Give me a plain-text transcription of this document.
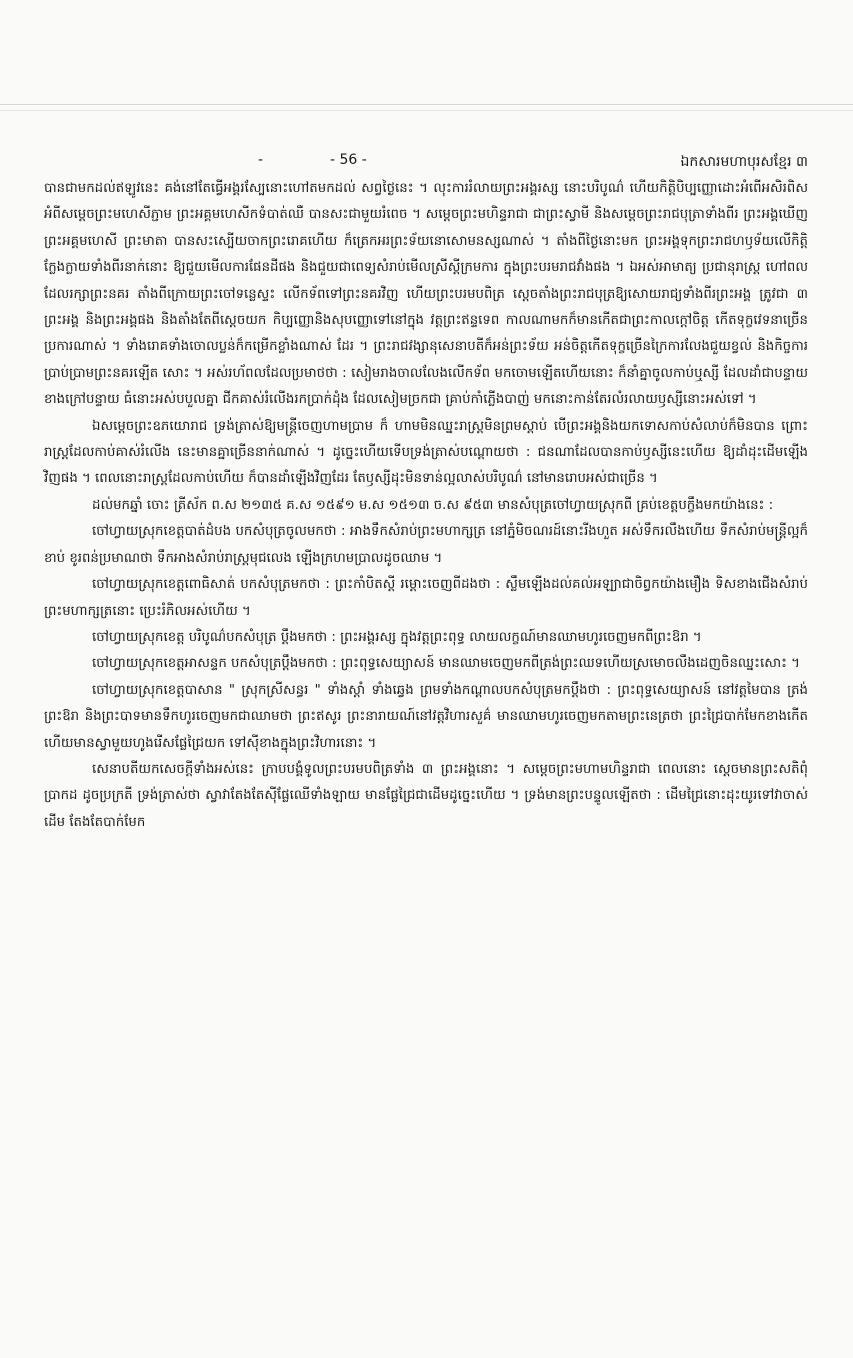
-	- 56 -	ឯកសារមហាបុរសខ្មែរ ៣

បានជាមកដល់ឥឡូវនេះ គង់នៅតែធ្វើអង្គរស្បែនោះហៅតមកដល់ សព្វថ្ងៃនេះ ។ លុះការរំលាយព្រះអង្គរស្ស នោះបរិបូណ៌ ហើយកិត្តិបិប្បញ្ញោដោះអំពើអសិរពិស អំពីសម្ដេចព្រះមហេសីភ្ជាម ព្រះអគ្គមហេសីកទំបាត់ឈឺ បានសះជាមួយរំពេច ។ សម្ដេចព្រះមហិន្ទរាជា ជាព្រះស្វាមី និងសម្ដេចព្រះរាជបុត្រាទាំងពីរ ព្រះអង្គឃើញ ព្រះអគ្គមហេសី ព្រះមាតា បានសះស្បើយចាកព្រះរោគហើយ ក៏ត្រេកអរព្រះទ័យនោសោមនស្សណាស់ ។ តាំងពីថ្ងៃនោះមក ព្រះអង្គទុកព្រះរាជហឫទ័យលើកិត្តិក្លែងក្លាយទាំងពីរនាក់នោះ ឱ្យជួយមើលការផែនដីផង និងជួយជាពេទ្យសំរាប់មើលស្រីស្ដីក្រមការ ក្នុងព្រះបរមរាជវាំងផង ។ ឯអស់អាមាត្យ ប្រជានុរាស្ត្រ ហៅពលដែលរក្សាព្រះនគរ តាំងពីក្រោយព្រះចៅទន្លេស្ទះ លើកទ័ពទៅព្រះនគរវិញ ហើយព្រះបរមបពិត្រ ស្ដេចតាំងព្រះរាជបុត្រឱ្យសោយរាជ្យទាំងពីរព្រះអង្គ ត្រូវជា ៣ ព្រះអង្គ និងព្រះអង្គផង និងតាំងតែពីស្ដេចយក កិប្បញ្ញោនិងសុបញ្ញោទៅនៅក្នុង វត្តព្រះឥន្ទទេព កាលណាមកក៏មានកើតជាព្រះកាលក្ដៅចិត្ត កើតទុក្ខវេទនាច្រើនប្រការណាស់ ។ ទាំងរោគទាំងចោលប្លន់ក៏កម្រើកខ្លាំងណាស់ ដែរ ។ ព្រះរាជវង្សានុសេនាបតីក៏អន់ព្រះទ័យ អន់ចិត្តកើតទុក្ខច្រើនក្រៃការលែងជួយខ្វល់ និងកិច្ចការប្រាប់ប្រាមព្រះនគរឡើត សោះ ។ អស់រហ័ពលដែលប្រមាថថា : សៀមរាងចាលលែងលើកទ័ព មកចោមឡើតហើយនោះ ក៏នាំគ្នាចូលកាប់ឬស្សី ដែលដាំជាបន្ទាយខាងក្រៅបន្ទាយ ធំនោះអស់បបួលគ្នា ជីកគាស់រំលើងរកប្រាក់ដុំង ដែលសៀមច្រកជា គ្រាប់កាំភ្លើងបាញ់ មកនោះកាន់តែរលំរលាយឫស្សីនោះអស់ទៅ ។

ឯសម្ដេចព្រះឧភយោរាជ ទ្រង់ត្រាស់ឱ្យមន្ត្រីចេញហាមប្រាម ក៏ ហាមមិនឈ្នះរាស្ត្រមិនព្រមស្ដាប់ បើព្រះអង្គនិងយកទោសកាប់សំលាប់ក៏មិនបាន ព្រោះរាស្ត្រដែលកាប់គាស់រំលើង នេះមានគ្នាច្រើននាក់ណាស់ ។ ដូច្នេះហើយទើបទ្រង់ត្រាស់បណ្ដោយថា : ជនណាដែលបានកាប់ឫស្សីនេះហើយ ឱ្យដាំដុះដើមឡើងវិញផង ។ ពេលនោះរាស្ត្រដែលកាប់ហើយ ក៏បានដាំឡើងវិញដែរ តែឫស្សីដុះមិនទាន់ល្អលាស់បរិបូណ៌ នៅមានរោបអស់ជាច្រើន ។

ដល់មកឆ្នាំ ចោះ ត្រីស័ក ព.ស ២១៣៥ គ.ស ១៥៩១ ម.ស ១៥១៣ ច.ស ៩៥៣ មានសំបុត្រចៅហ្វាយស្រុកពី គ្រប់ខេត្តបក្ខឹងមកយ៉ាងនេះ :

ចៅហ្វាយស្រុកខេត្តបាត់ដំបង បកសំបុត្រចូលមកថា : អាងទឹកសំរាប់ព្រះមហាក្សត្រ នៅភ្នំមិចណរដ៍នោះរីងហួត អស់ទឹករលឹងហើយ ទឹកសំរាប់មន្ត្រីល្អក៏ខាប់ ខូរពន់ប្រមាណថា ទឹកអាងសំរាប់រាស្ត្រមុជលេង ឡើងក្រហមប្រាលដូចឈាម ។

ចៅហ្វាយស្រុកខេត្តពោធិសាត់ បកសំបុត្រមកថា : ព្រះកាំបិតស្ដី រម្ដោះចេញពីដងថា : ស្លឹមឡើងដល់គល់អឡ្យាជាចិព្វកយ៉ាងមឿង ទិសខាងជើងសំរាប់ព្រះមហាក្សត្រនោះ ប្រេះរំភិលអស់ហើយ ។

ចៅហ្វាយស្រុកខេត្ត បរិបូណ៌បកសំបុត្រ ប្ដឹងមកថា : ព្រះអង្គរស្ស ក្នុងវត្តព្រះពុទ្ធ លាយលក្ខណ៍មានឈាមហូរចេញមកពីព្រះឱរា ។

ចៅហ្វាយស្រុកខេត្តអាសន្ទក បកសំបុត្រប្ដឹងមកថា : ព្រះពុទ្ធសេយ្យាសន៍ មានឈាមចេញមកពីត្រង់ព្រះឈទហើយស្រមោចលឹងដេញចិនឈ្នះសោះ ។

ចៅហ្វាយស្រុកខេត្តបាសាន " ស្រុកស្រីសន្ធរ " ទាំងស្ដាំ ទាំងឆ្វេង ព្រមទាំងកណ្ដាលបកសំបុត្រមកប្ដឹងថា : ព្រះពុទ្ធសេយ្យាសន៍ នៅវត្តមៃបាន ត្រង់ព្រះឱរា និងព្រះបាទមានទឹកហូរចេញមកជាឈាមថា ព្រះឥសូរ ព្រះនារាយណ៍នៅវត្តវិហារសួគ៌ មានឈាមហូរចេញមកតាមព្រះនេត្រថា ព្រះជ្រៃបាក់មែកខាងកើត ហើយមានស្វាមួយហូងរើសផ្លែជ្រៃយក ទៅស៊ីខាងក្នុងព្រះវិហារនោះ ។

សេនាបតីយកសេចក្ដីទាំងអស់នេះ ក្រាបបង្គំទូលព្រះបរមបពិត្រទាំង ៣ ព្រះអង្គនោះ ។ សម្ដេចព្រះមហាមហិន្ទរាជា ពេលនោះ ស្ដេចមានព្រះសតិពុំប្រាកដ ដូចប្រក្រតី ទ្រង់ត្រាស់ថា ស្វាវាតែងតែស៊ីផ្លែឈើទាំងឡាយ មានផ្លែជ្រៃជាដើមដូច្នេះហើយ ។ ទ្រង់មានព្រះបន្ទូលឡើតថា : ដើមជ្រៃនោះដុះយូរទៅវាចាស់ដើម តែងតែបាក់មែក
